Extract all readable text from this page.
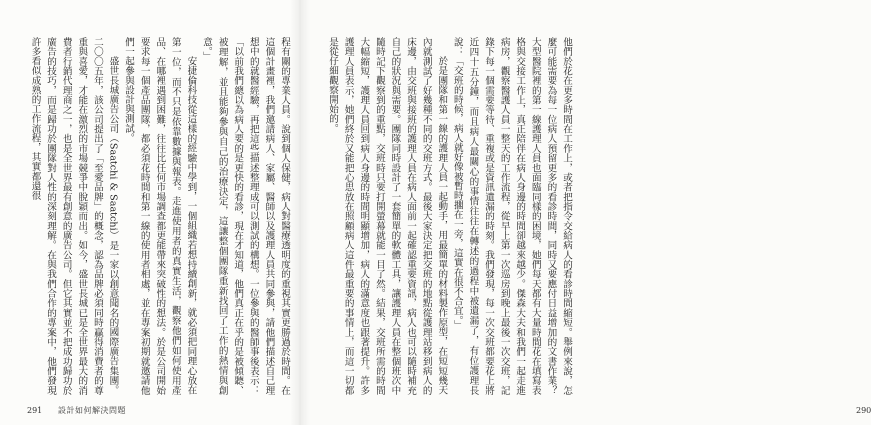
程有關的專業人員。說到個人保健，病人對醫療透明度的重視其實更勝過於時間。在這個計畫裡，我們邀請病人、家屬、醫師以及護理人員共同參與，請他們描述自己理想中的就醫經驗，再把這些描述整理成可以測試的構想。一位參與的醫師事後表示：「以前我們總以為病人要的是更快的看診，現在才知道，他們真正在乎的是被傾聽、被理解，並且能夠參與自己的治療決定，這讓整個團隊重新找回了工作的熱情與創意。」

安捷倫科技從這樣的經驗中學到，一個組織若想持續創新，就必須把同理心放在第一位，而不只是依靠數據與報表。走進使用者的真實生活，觀察他們如何使用產品、在哪裡遇到困難，往往比任何市場調查都更能帶來突破性的想法。於是公司開始要求每一個產品團隊，都必須花時間和第一線的使用者相處，並在專案初期就邀請他們一起參與設計與測試。

盛世長城廣告公司（Saatchi & Saatchi）是一家以創意聞名的國際廣告集團。二〇〇五年，該公司提出了「至愛品牌」的概念，認為品牌必須同時贏得消費者的尊重與喜愛，才能在激烈的市場競爭中脫穎而出。如今，盛世長城已是全世界最大的消費者行銷代理商之一，也是全世界最有創意的廣告公司。但它其實並不把成功歸功於廣告的技巧，而是歸功於團隊對人性的深刻理解。在與我們合作的專案中，他們發現許多看似成熟的工作流程，其實都還很

291 設計如何解決問題	290

他們於花在更多時間在工作上，或者把指令交給病人的看診時間縮短。舉例來說，怎麼可能需要為每一位病人預留更多的看診時間，同時又要應付日益增加的文書作業？大型醫院裡的第一線護理人員也面臨同樣的困境，她們每天都有大量時間花在填寫表格與交接工作上，真正陪伴在病人身邊的時間卻越來越少。傑森大夫和我們一起走進病房，觀察醫護人員一整天的工作流程，從早上第一次巡房到晚上最後一次交班，記錄下每一個需要等待、重複或是資訊遺漏的時刻。我們發現，每一次交班都要花上將近四十五分鐘，而且病人最關心的事情往往在轉述的過程中被遺漏了，有位護理長說：「交班的時候，病人就好像被暫時擱在一旁，這實在很不合宜。」

於是團隊和第一線的護理人員一起動手，用最簡單的材料製作原型，在短短幾天內就測試了好幾種不同的交班方式。最後大家決定把交班的地點從護理站移到病人的床邊，由交班與接班的護理人員在病人面前一起確認重要資訊，病人也可以隨時補充自己的狀況與需要。團隊同時設計了一套簡單的軟體工具，讓護理人員在整個班次中隨時記下觀察到的重點，交班時只要打開螢幕就能一目了然。結果，交班所需的時間大幅縮短，護理人員回到病人身邊的時間明顯增加，病人的滿意度也跟著提升。許多護理人員表示，她們終於又能把心思放在照顧病人這件最重要的事情上，而這一切都是從仔細觀察開始的。
